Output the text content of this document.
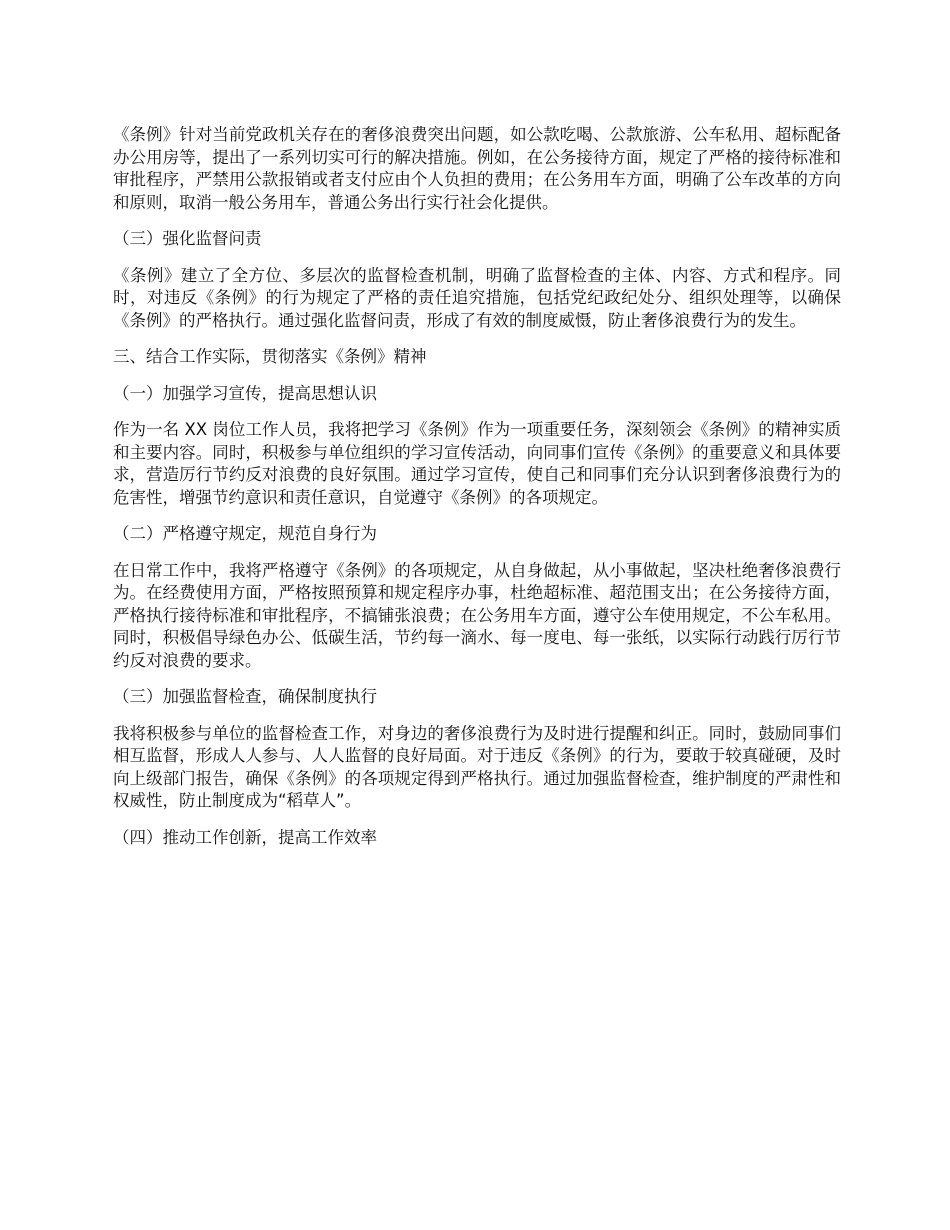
《条例》针对当前党政机关存在的奢侈浪费突出问题，如公款吃喝、公款旅游、公车私用、超标配备办公用房等，提出了一系列切实可行的解决措施。例如，在公务接待方面，规定了严格的接待标准和审批程序，严禁用公款报销或者支付应由个人负担的费用；在公务用车方面，明确了公车改革的方向和原则，取消一般公务用车，普通公务出行实行社会化提供。

（三）强化监督问责

《条例》建立了全方位、多层次的监督检查机制，明确了监督检查的主体、内容、方式和程序。同时，对违反《条例》的行为规定了严格的责任追究措施，包括党纪政纪处分、组织处理等，以确保《条例》的严格执行。通过强化监督问责，形成了有效的制度威慑，防止奢侈浪费行为的发生。

三、结合工作实际，贯彻落实《条例》精神

（一）加强学习宣传，提高思想认识

作为一名 XX 岗位工作人员，我将把学习《条例》作为一项重要任务，深刻领会《条例》的精神实质和主要内容。同时，积极参与单位组织的学习宣传活动，向同事们宣传《条例》的重要意义和具体要求，营造厉行节约反对浪费的良好氛围。通过学习宣传，使自己和同事们充分认识到奢侈浪费行为的危害性，增强节约意识和责任意识，自觉遵守《条例》的各项规定。

（二）严格遵守规定，规范自身行为

在日常工作中，我将严格遵守《条例》的各项规定，从自身做起，从小事做起，坚决杜绝奢侈浪费行为。在经费使用方面，严格按照预算和规定程序办事，杜绝超标准、超范围支出；在公务接待方面，严格执行接待标准和审批程序，不搞铺张浪费；在公务用车方面，遵守公车使用规定，不公车私用。同时，积极倡导绿色办公、低碳生活，节约每一滴水、每一度电、每一张纸，以实际行动践行厉行节约反对浪费的要求。

（三）加强监督检查，确保制度执行

我将积极参与单位的监督检查工作，对身边的奢侈浪费行为及时进行提醒和纠正。同时，鼓励同事们相互监督，形成人人参与、人人监督的良好局面。对于违反《条例》的行为，要敢于较真碰硬，及时向上级部门报告，确保《条例》的各项规定得到严格执行。通过加强监督检查，维护制度的严肃性和权威性，防止制度成为“稻草人”。

（四）推动工作创新，提高工作效率
